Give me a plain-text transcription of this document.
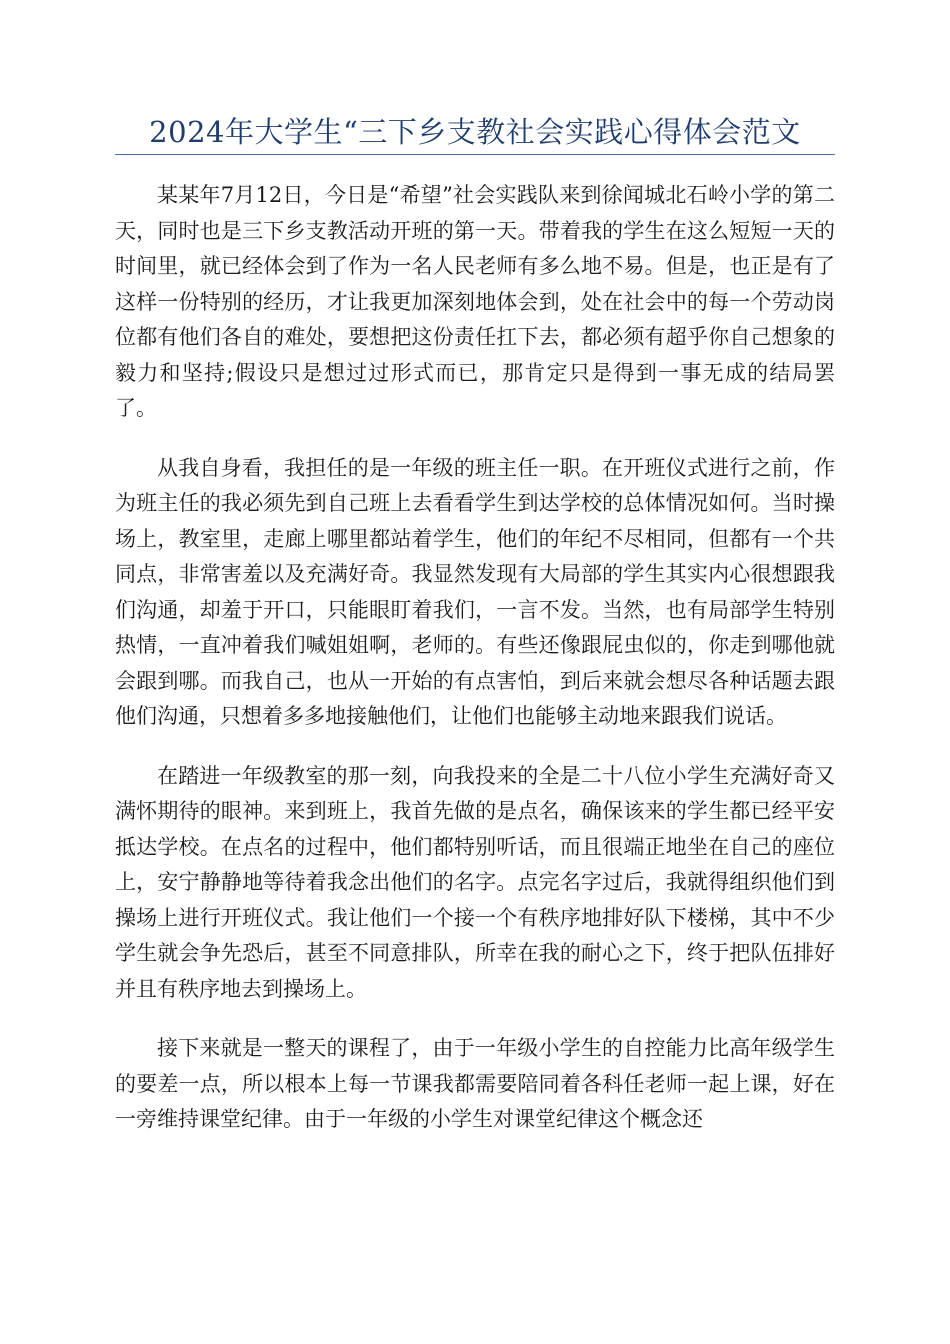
2024年大学生“三下乡支教社会实践心得体会范文

某某年7月12日，今日是“希望”社会实践队来到徐闻城北石岭小学的第二天，同时也是三下乡支教活动开班的第一天。带着我的学生在这么短短一天的时间里，就已经体会到了作为一名人民老师有多么地不易。但是，也正是有了这样一份特别的经历，才让我更加深刻地体会到，处在社会中的每一个劳动岗位都有他们各自的难处，要想把这份责任扛下去，都必须有超乎你自己想象的毅力和坚持;假设只是想过过形式而已，那肯定只是得到一事无成的结局罢了。

从我自身看，我担任的是一年级的班主任一职。在开班仪式进行之前，作为班主任的我必须先到自己班上去看看学生到达学校的总体情况如何。当时操场上，教室里，走廊上哪里都站着学生，他们的年纪不尽相同，但都有一个共同点，非常害羞以及充满好奇。我显然发现有大局部的学生其实内心很想跟我们沟通，却羞于开口，只能眼盯着我们，一言不发。当然，也有局部学生特别热情，一直冲着我们喊姐姐啊，老师的。有些还像跟屁虫似的，你走到哪他就会跟到哪。而我自己，也从一开始的有点害怕，到后来就会想尽各种话题去跟他们沟通，只想着多多地接触他们，让他们也能够主动地来跟我们说话。

在踏进一年级教室的那一刻，向我投来的全是二十八位小学生充满好奇又满怀期待的眼神。来到班上，我首先做的是点名，确保该来的学生都已经平安抵达学校。在点名的过程中，他们都特别听话，而且很端正地坐在自己的座位上，安宁静静地等待着我念出他们的名字。点完名字过后，我就得组织他们到操场上进行开班仪式。我让他们一个接一个有秩序地排好队下楼梯，其中不少学生就会争先恐后，甚至不同意排队，所幸在我的耐心之下，终于把队伍排好并且有秩序地去到操场上。

接下来就是一整天的课程了，由于一年级小学生的自控能力比高年级学生的要差一点，所以根本上每一节课我都需要陪同着各科任老师一起上课，好在一旁维持课堂纪律。由于一年级的小学生对课堂纪律这个概念还
